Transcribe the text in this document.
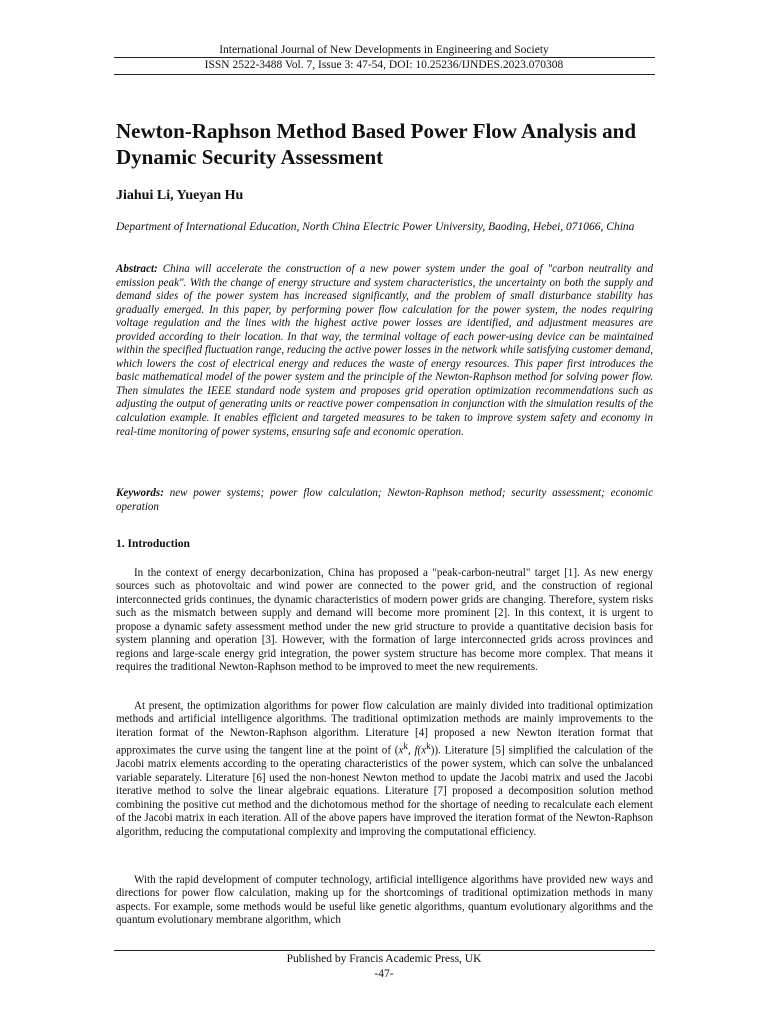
International Journal of New Developments in Engineering and Society
ISSN 2522-3488 Vol. 7, Issue 3: 47-54, DOI: 10.25236/IJNDES.2023.070308
Newton-Raphson Method Based Power Flow Analysis and Dynamic Security Assessment

Jiahui Li, Yueyan Hu

Department of International Education, North China Electric Power University, Baoding, Hebei, 071066, China

Abstract: China will accelerate the construction of a new power system under the goal of "carbon neutrality and emission peak". With the change of energy structure and system characteristics, the uncertainty on both the supply and demand sides of the power system has increased significantly, and the problem of small disturbance stability has gradually emerged. In this paper, by performing power flow calculation for the power system, the nodes requiring voltage regulation and the lines with the highest active power losses are identified, and adjustment measures are provided according to their location. In that way, the terminal voltage of each power-using device can be maintained within the specified fluctuation range, reducing the active power losses in the network while satisfying customer demand, which lowers the cost of electrical energy and reduces the waste of energy resources. This paper first introduces the basic mathematical model of the power system and the principle of the Newton-Raphson method for solving power flow. Then simulates the IEEE standard node system and proposes grid operation optimization recommendations such as adjusting the output of generating units or reactive power compensation in conjunction with the simulation results of the calculation example. It enables efficient and targeted measures to be taken to improve system safety and economy in real-time monitoring of power systems, ensuring safe and economic operation.

Keywords: new power systems; power flow calculation; Newton-Raphson method; security assessment; economic operation

1. Introduction

In the context of energy decarbonization, China has proposed a "peak-carbon-neutral" target [1]. As new energy sources such as photovoltaic and wind power are connected to the power grid, and the construction of regional interconnected grids continues, the dynamic characteristics of modern power grids are changing. Therefore, system risks such as the mismatch between supply and demand will become more prominent [2]. In this context, it is urgent to propose a dynamic safety assessment method under the new grid structure to provide a quantitative decision basis for system planning and operation [3]. However, with the formation of large interconnected grids across provinces and regions and large-scale energy grid integration, the power system structure has become more complex. That means it requires the traditional Newton-Raphson method to be improved to meet the new requirements.

At present, the optimization algorithms for power flow calculation are mainly divided into traditional optimization methods and artificial intelligence algorithms. The traditional optimization methods are mainly improvements to the iteration format of the Newton-Raphson algorithm. Literature [4] proposed a new Newton iteration format that approximates the curve using the tangent line at the point of ($x^k$, $f(x^k)$). Literature [5] simplified the calculation of the Jacobi matrix elements according to the operating characteristics of the power system, which can solve the unbalanced variable separately. Literature [6] used the non-honest Newton method to update the Jacobi matrix and used the Jacobi iterative method to solve the linear algebraic equations. Literature [7] proposed a decomposition solution method combining the positive cut method and the dichotomous method for the shortage of needing to recalculate each element of the Jacobi matrix in each iteration. All of the above papers have improved the iteration format of the Newton-Raphson algorithm, reducing the computational complexity and improving the computational efficiency.

With the rapid development of computer technology, artificial intelligence algorithms have provided new ways and directions for power flow calculation, making up for the shortcomings of traditional optimization methods in many aspects. For example, some methods would be useful like genetic algorithms, quantum evolutionary algorithms and the quantum evolutionary membrane algorithm, which

Published by Francis Academic Press, UK
-47-
